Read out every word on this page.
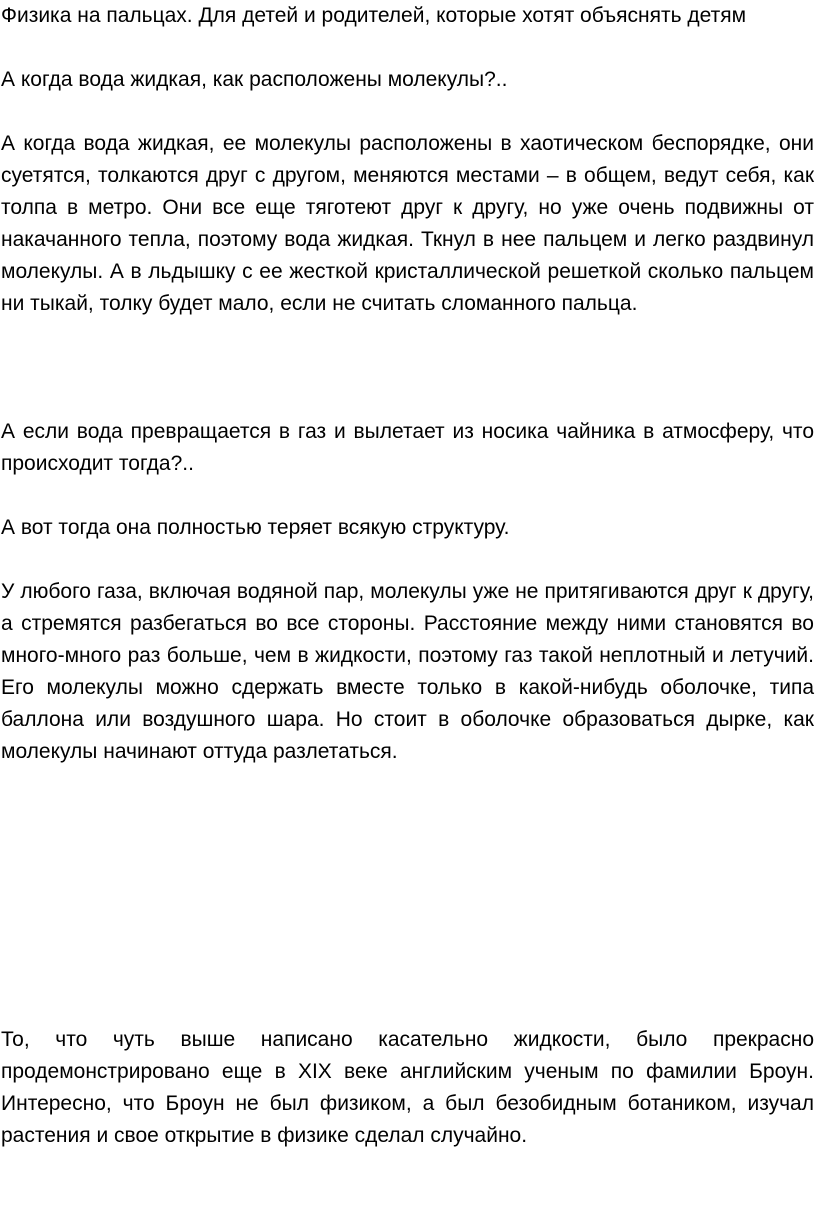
Физика на пальцах. Для детей и родителей, которые хотят объяснять детям

А когда вода жидкая, как расположены молекулы?..

А когда вода жидкая, ее молекулы расположены в хаотическом беспорядке, они суетятся, толкаются друг с другом, меняются местами – в общем, ведут себя, как толпа в метро. Они все еще тяготеют друг к другу, но уже очень подвижны от накачанного тепла, поэтому вода жидкая. Ткнул в нее пальцем и легко раздвинул молекулы. А в льдышку с ее жесткой кристаллической решеткой сколько пальцем ни тыкай, толку будет мало, если не считать сломанного пальца.

А если вода превращается в газ и вылетает из носика чайника в атмосферу, что происходит тогда?..

А вот тогда она полностью теряет всякую структуру.

У любого газа, включая водяной пар, молекулы уже не притягиваются друг к другу, а стремятся разбегаться во все стороны. Расстояние между ними становятся во много-много раз больше, чем в жидкости, поэтому газ такой неплотный и летучий. Его молекулы можно сдержать вместе только в какой-нибудь оболочке, типа баллона или воздушного шара. Но стоит в оболочке образоваться дырке, как молекулы начинают оттуда разлетаться.

То, что чуть выше написано касательно жидкости, было прекрасно продемонстрировано еще в XIX веке английским ученым по фамилии Броун. Интересно, что Броун не был физиком, а был безобидным ботаником, изучал растения и свое открытие в физике сделал случайно.
